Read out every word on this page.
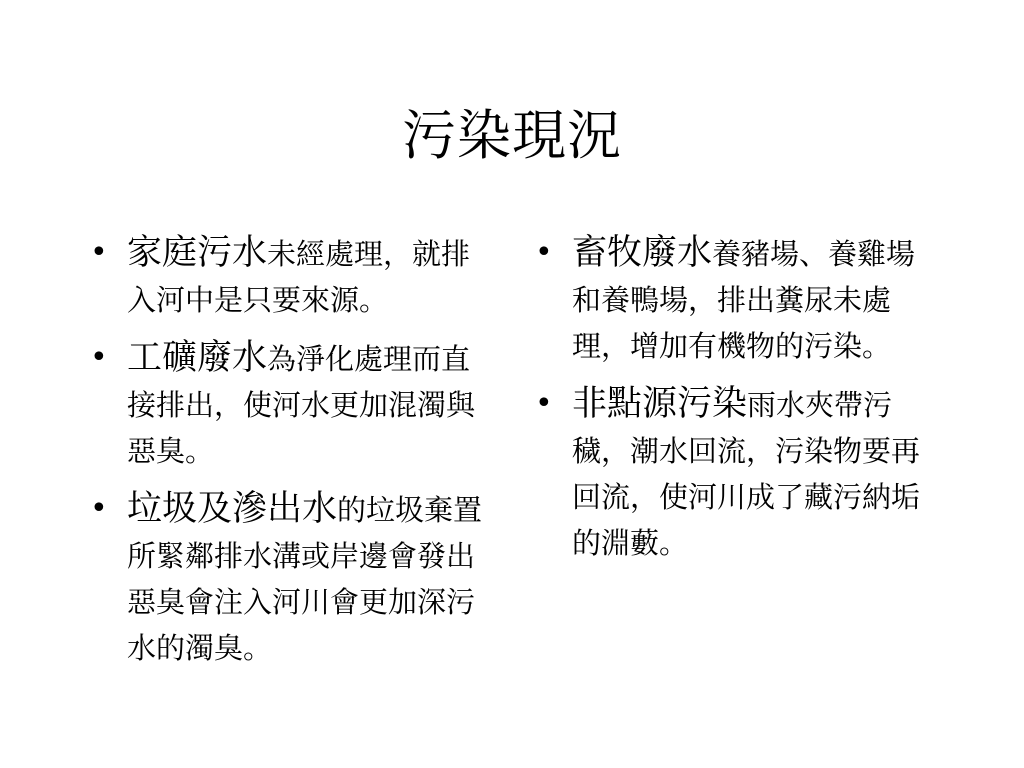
污染現況
• 家庭污水未經處理，就排入河中是只要來源。
• 工礦廢水為淨化處理而直接排出，使河水更加混濁與惡臭。
• 垃圾及滲出水的垃圾棄置所緊鄰排水溝或岸邊會發出惡臭會注入河川會更加深污水的濁臭。
• 畜牧廢水養豬場、養雞場和養鴨場，排出糞尿未處理，增加有機物的污染。
• 非點源污染雨水夾帶污穢，潮水回流，污染物要再回流，使河川成了藏污納垢的淵藪。
